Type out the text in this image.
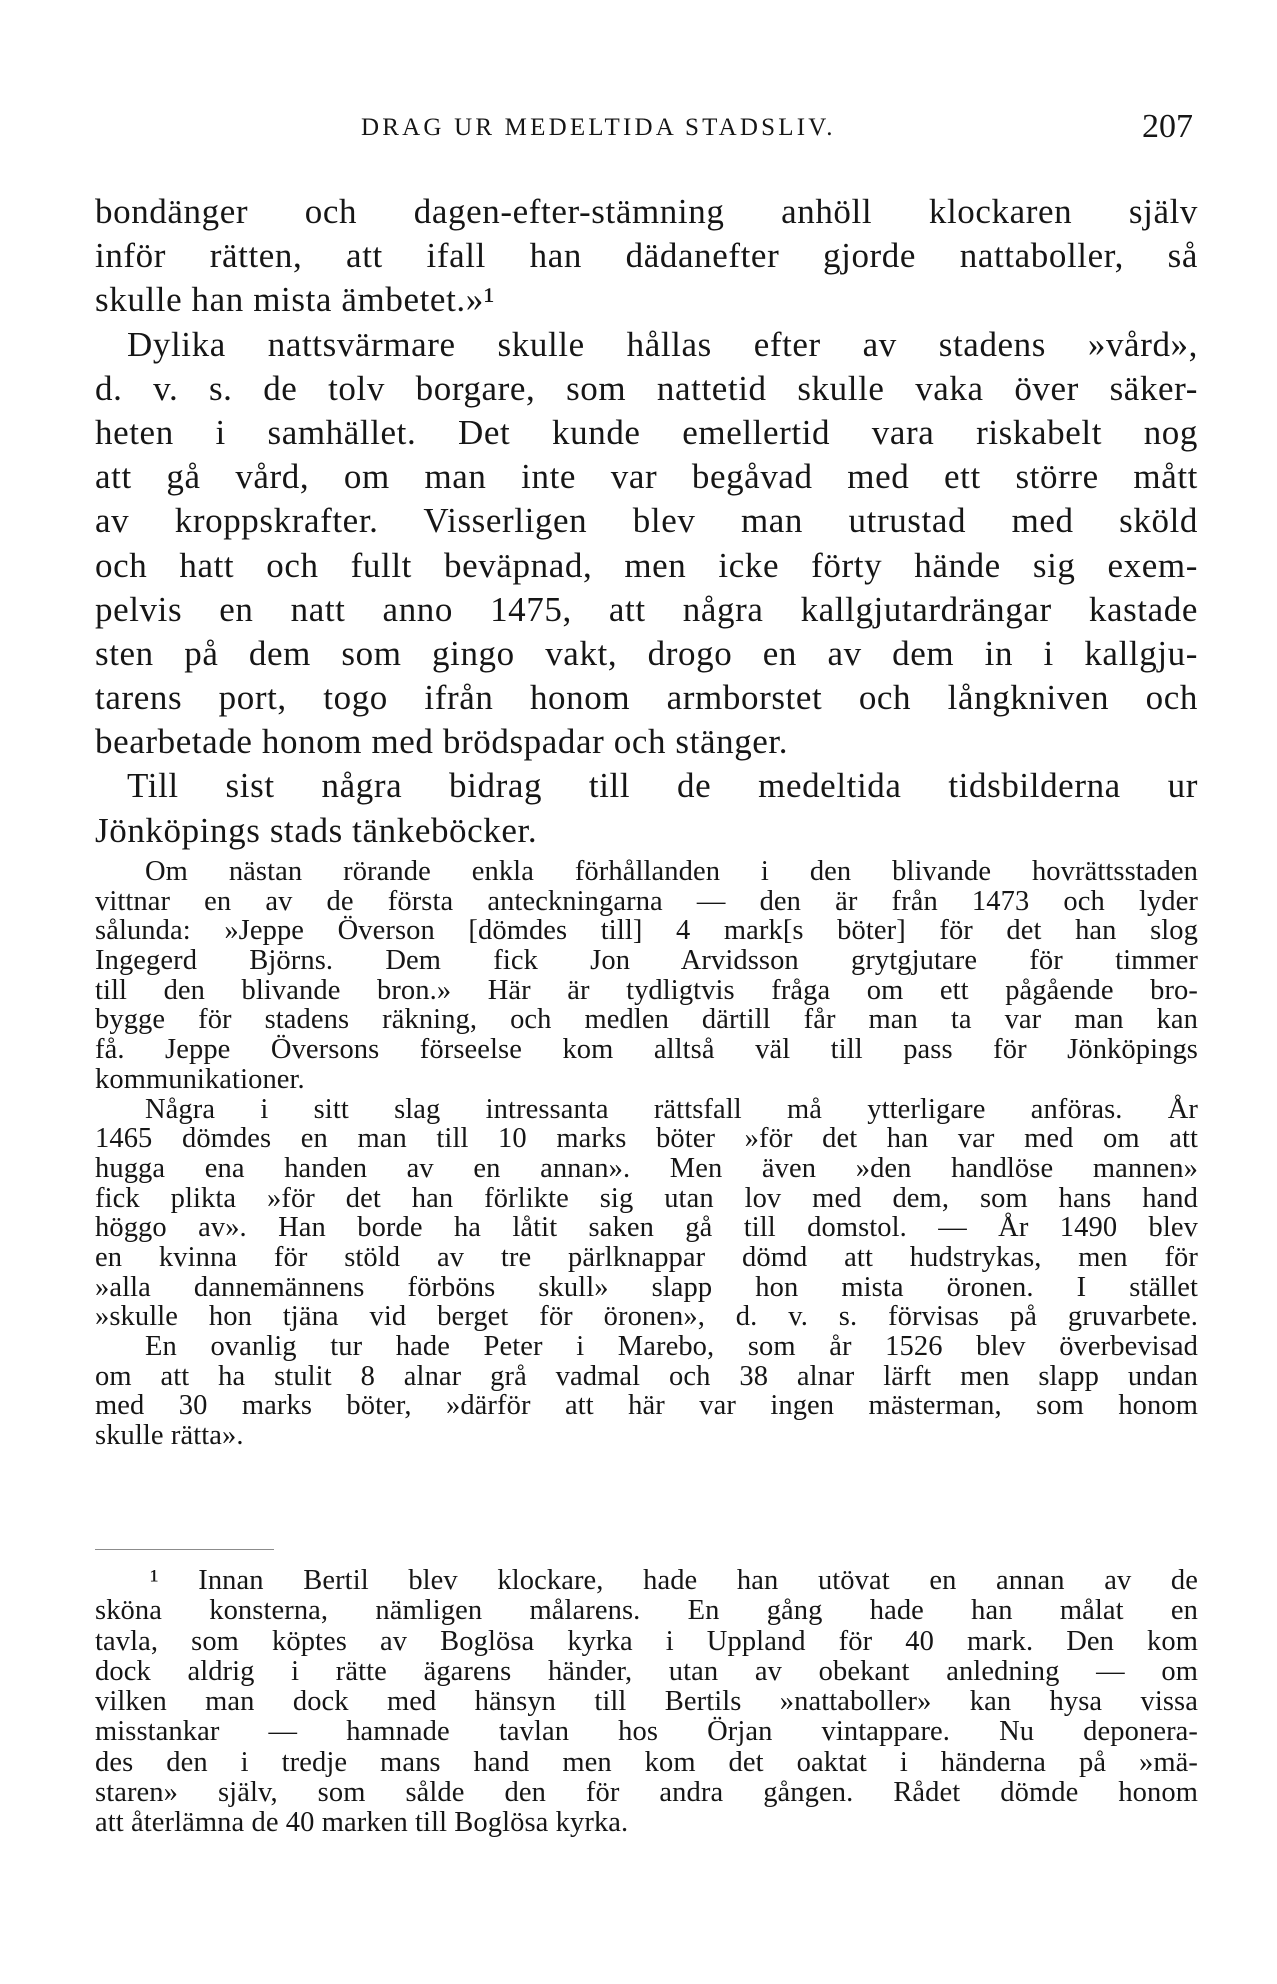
DRAG UR MEDELTIDA STADSLIV.	207
bondänger och dagen-efter-stämning anhöll klockaren själv
inför rätten, att ifall han dädanefter gjorde nattaboller, så
skulle han mista ämbetet.»¹
Dylika nattsvärmare skulle hållas efter av stadens »vård»,
d. v. s. de tolv borgare, som nattetid skulle vaka över säker-
heten i samhället. Det kunde emellertid vara riskabelt nog
att gå vård, om man inte var begåvad med ett större mått
av kroppskrafter. Visserligen blev man utrustad med sköld
och hatt och fullt beväpnad, men icke förty hände sig exem-
pelvis en natt anno 1475, att några kallgjutardrängar kastade
sten på dem som gingo vakt, drogo en av dem in i kallgju-
tarens port, togo ifrån honom armborstet och långkniven och
bearbetade honom med brödspadar och stänger.
Till sist några bidrag till de medeltida tidsbilderna ur
Jönköpings stads tänkeböcker.
Om nästan rörande enkla förhållanden i den blivande hovrättsstaden
vittnar en av de första anteckningarna — den är från 1473 och lyder
sålunda: »Jeppe Överson [dömdes till] 4 mark[s böter] för det han slog
Ingegerd Björns. Dem fick Jon Arvidsson grytgjutare för timmer
till den blivande bron.» Här är tydligtvis fråga om ett pågående bro-
bygge för stadens räkning, och medlen därtill får man ta var man kan
få. Jeppe Översons förseelse kom alltså väl till pass för Jönköpings
kommunikationer.
Några i sitt slag intressanta rättsfall må ytterligare anföras. År
1465 dömdes en man till 10 marks böter »för det han var med om att
hugga ena handen av en annan». Men även »den handlöse mannen»
fick plikta »för det han förlikte sig utan lov med dem, som hans hand
höggo av». Han borde ha låtit saken gå till domstol. — År 1490 blev
en kvinna för stöld av tre pärlknappar dömd att hudstrykas, men för
»alla dannemännens förböns skull» slapp hon mista öronen. I stället
»skulle hon tjäna vid berget för öronen», d. v. s. förvisas på gruvarbete.
En ovanlig tur hade Peter i Marebo, som år 1526 blev överbevisad
om att ha stulit 8 alnar grå vadmal och 38 alnar lärft men slapp undan
med 30 marks böter, »därför att här var ingen mästerman, som honom
skulle rätta».
¹ Innan Bertil blev klockare, hade han utövat en annan av de
sköna konsterna, nämligen målarens. En gång hade han målat en
tavla, som köptes av Boglösa kyrka i Uppland för 40 mark. Den kom
dock aldrig i rätte ägarens händer, utan av obekant anledning — om
vilken man dock med hänsyn till Bertils »nattaboller» kan hysa vissa
misstankar — hamnade tavlan hos Örjan vintappare. Nu deponera-
des den i tredje mans hand men kom det oaktat i händerna på »mä-
staren» själv, som sålde den för andra gången. Rådet dömde honom
att återlämna de 40 marken till Boglösa kyrka.
